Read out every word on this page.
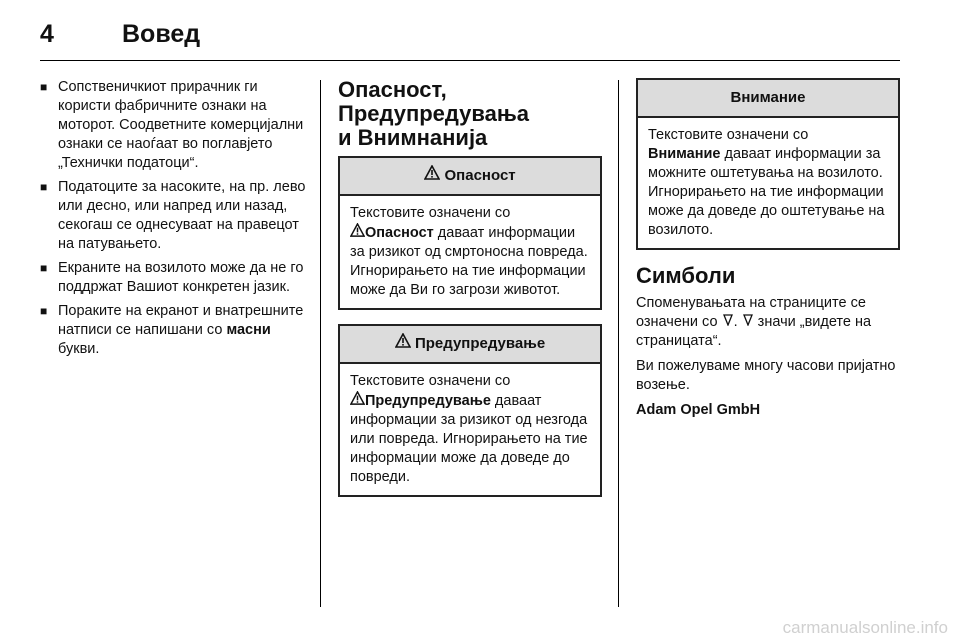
4	Вовед
■ Сопственичкиот прирачник ги користи фабричните ознаки на моторот. Соодветните комерцијални ознаки се наоѓаат во поглавјето „Технички податоци“.
■ Податоците за насоките, на пр. лево или десно, или напред или назад, секогаш се однесуваат на правецот на патувањето.
■ Екраните на возилото може да не го поддржат Вашиот конкретен јазик.
■ Пораките на екранот и внатрешните натписи се напишани со масни букви.
Опасност,
Предупредувања
и Внимнаниja
Опасност
Текстовите означени со

Опасност даваат информации за ризикот од смртоносна повреда. Игнорирањето на тие информации може да Ви го загрози животот.
Предупредување
Текстовите означени со

Предупредување даваат информации за ризикот од незгода или повреда. Игнорирањето на тие информации може да доведе до повреди.
Внимание
Текстовите означени со
Внимание даваат информации за можните оштетувања на возилото. Игнорирањето на тие информации може да доведе до оштетување на возилото.
Симболи

Споменувањата на страниците се означени со
.
значи „видете на страницата“.

Ви пожелуваме многу часови пријатно возење.

Adam Opel GmbH

carmanualsonline.info
